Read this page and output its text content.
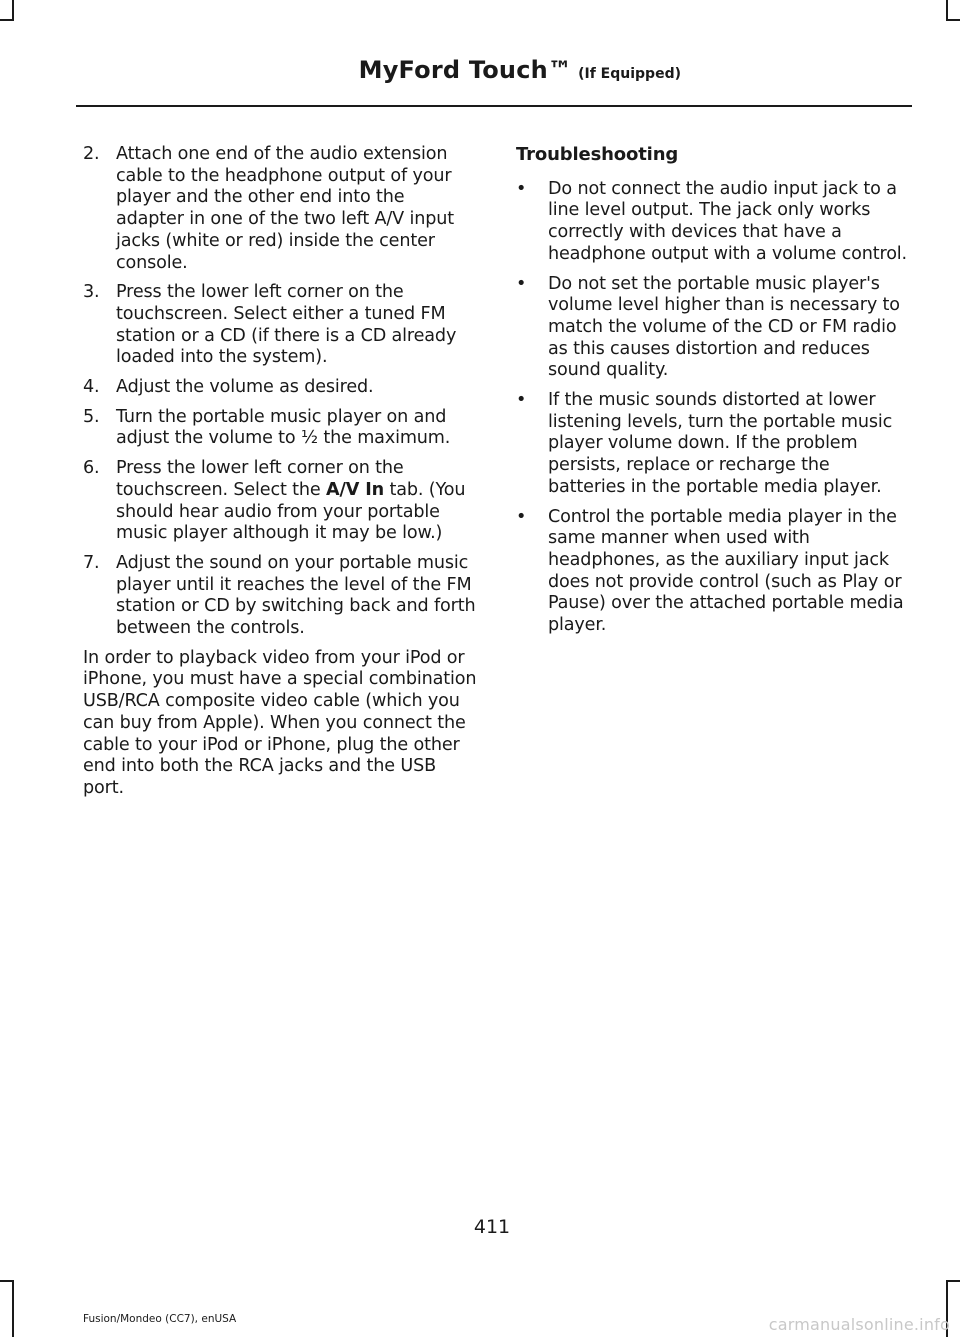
MyFord Touch™ (If Equipped)
2. Attach one end of the audio extension cable to the headphone output of your player and the other end into the adapter in one of the two left A/V input jacks (white or red) inside the center console.
3. Press the lower left corner on the touchscreen. Select either a tuned FM station or a CD (if there is a CD already loaded into the system).
4. Adjust the volume as desired.
5. Turn the portable music player on and adjust the volume to ½ the maximum.
6. Press the lower left corner on the touchscreen. Select the A/V In tab. (You should hear audio from your portable music player although it may be low.)
7. Adjust the sound on your portable music player until it reaches the level of the FM station or CD by switching back and forth between the controls.
In order to playback video from your iPod or iPhone, you must have a special combination USB/RCA composite video cable (which you can buy from Apple). When you connect the cable to your iPod or iPhone, plug the other end into both the RCA jacks and the USB port.
Troubleshooting
• Do not connect the audio input jack to a line level output. The jack only works correctly with devices that have a headphone output with a volume control.
• Do not set the portable music player's volume level higher than is necessary to match the volume of the CD or FM radio as this causes distortion and reduces sound quality.
• If the music sounds distorted at lower listening levels, turn the portable music player volume down. If the problem persists, replace or recharge the batteries in the portable media player.
• Control the portable media player in the same manner when used with headphones, as the auxiliary input jack does not provide control (such as Play or Pause) over the attached portable media player.
411
Fusion/Mondeo (CC7), enUSA	carmanualsonline.info
